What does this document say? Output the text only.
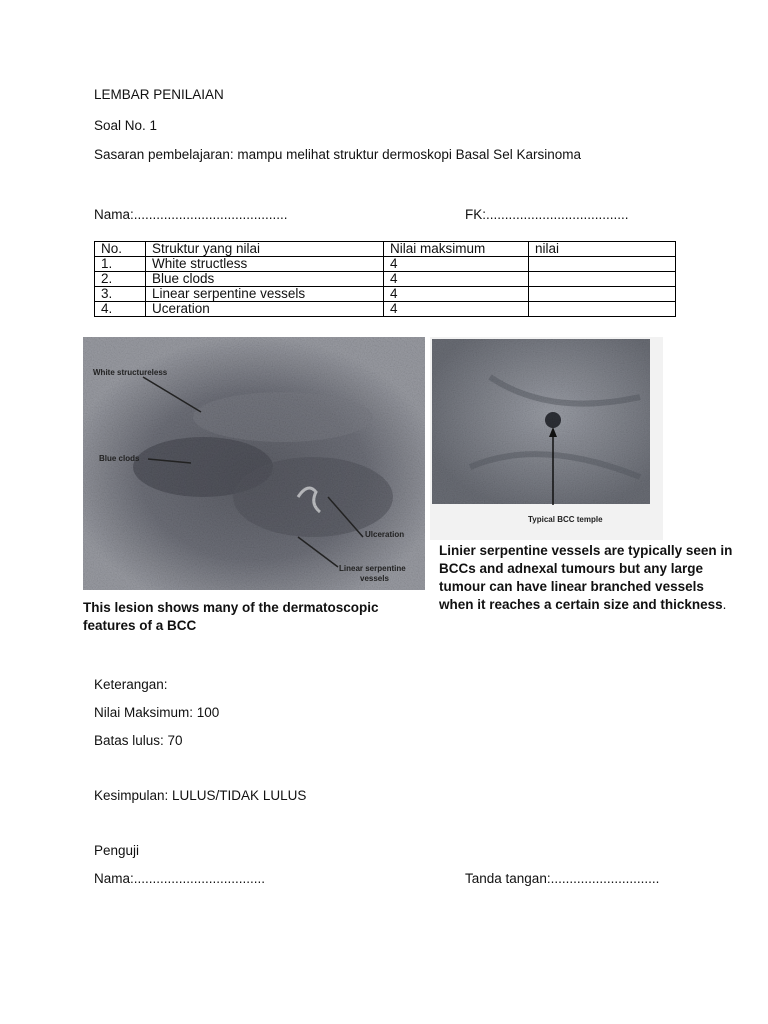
LEMBAR PENILAIAN
Soal No. 1
Sasaran pembelajaran: mampu melihat struktur dermoskopi Basal Sel Karsinoma
Nama:.........................................	FK:......................................
No.	Struktur yang nilai	Nilai maksimum	nilai
1.	White structless	4	
2.	Blue clods	4	
3.	Linear serpentine vessels	4	
4.	Uceration	4	
White structureless
Blue clods
Ulceration
Linear serpentine
vessels
Typical BCC temple
This lesion shows many of the dermatoscopic features of a BCC
Linier serpentine vessels are typically seen in BCCs and adnexal tumours but any large tumour can have linear branched vessels when it reaches a certain size and thickness.
Keterangan:
Nilai Maksimum: 100
Batas lulus: 70
Kesimpulan: LULUS/TIDAK LULUS
Penguji
Nama:...................................	Tanda tangan:.............................
